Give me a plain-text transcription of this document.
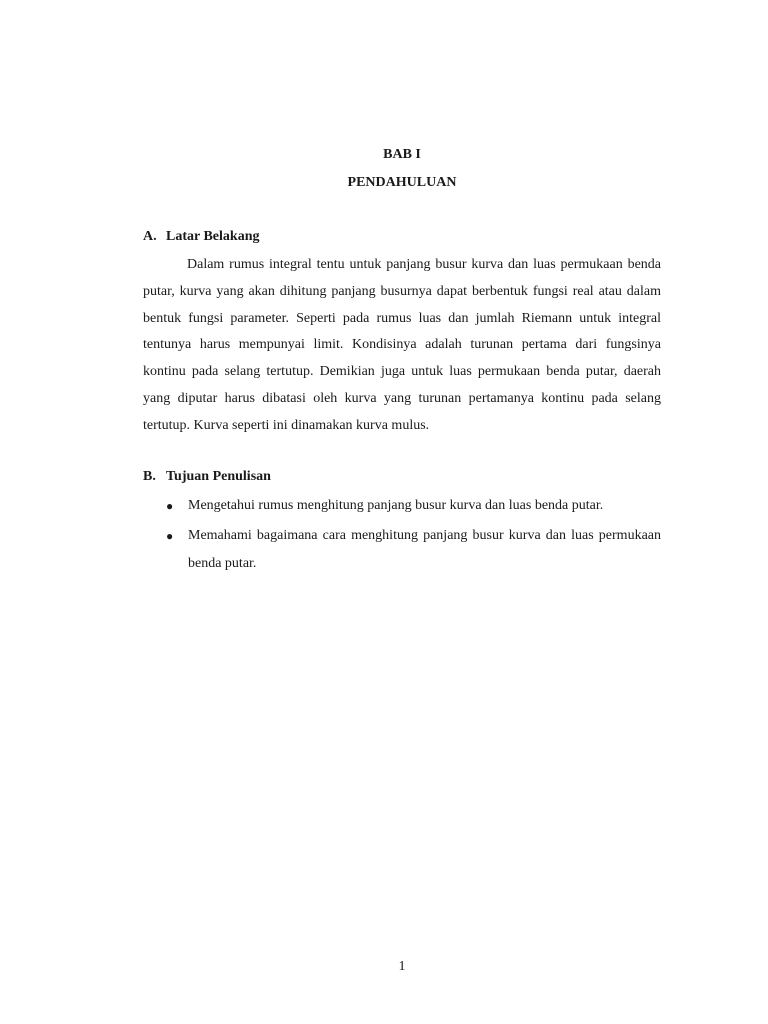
BAB I
PENDAHULUAN
A. Latar Belakang

Dalam rumus integral tentu untuk panjang busur kurva dan luas permukaan benda putar, kurva yang akan dihitung panjang busurnya dapat berbentuk fungsi real atau dalam bentuk fungsi parameter. Seperti pada rumus luas dan jumlah Riemann untuk integral tentunya harus mempunyai limit. Kondisinya adalah turunan pertama dari fungsinya kontinu pada selang tertutup. Demikian juga untuk luas permukaan benda putar, daerah yang diputar harus dibatasi oleh kurva yang turunan pertamanya kontinu pada selang tertutup. Kurva seperti ini dinamakan kurva mulus.

B. Tujuan Penulisan
●	Mengetahui rumus menghitung panjang busur kurva dan luas benda putar.
●	Memahami bagaimana cara menghitung panjang busur kurva dan luas permukaan benda putar.
1
